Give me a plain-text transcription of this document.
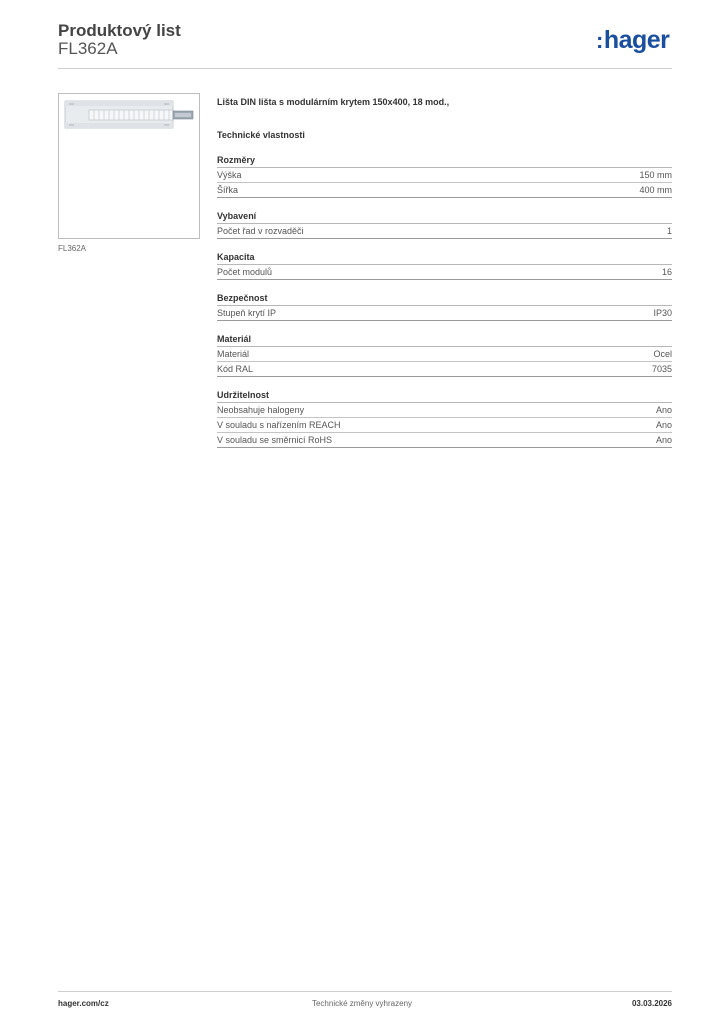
Produktový list
FL362A	:hager
FL362A
Lišta DIN lišta s modulárním krytem 150x400, 18 mod.,
Technické vlastnosti
Rozměry
Výška	150 mm
Šířka	400 mm
Vybavení
Počet řad v rozvaděči	1
Kapacita
Počet modulů	16
Bezpečnost
Stupeň krytí IP	IP30
Materiál
Materiál	Ocel
Kód RAL	7035
Udržitelnost
Neobsahuje halogeny	Ano
V souladu s nařízením REACH	Ano
V souladu se směrnicí RoHS	Ano
hager.com/cz	Technické změny vyhrazeny	03.03.2026
